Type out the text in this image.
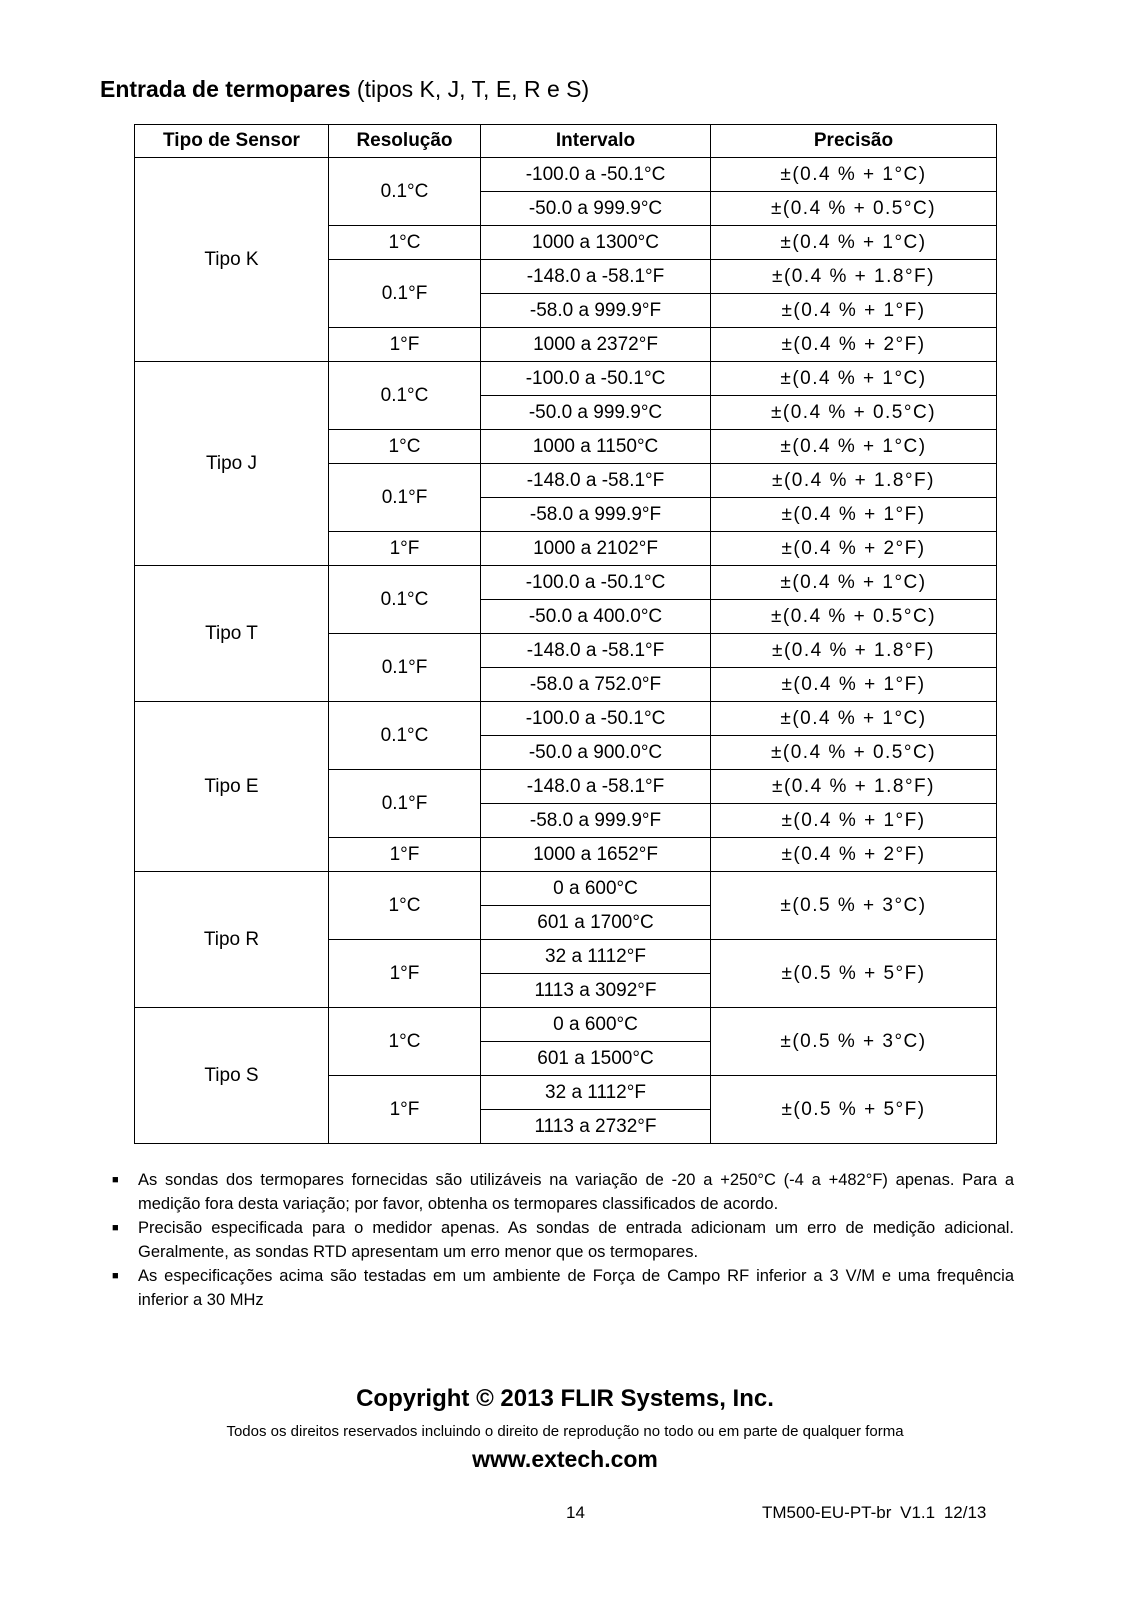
Entrada de termopares (tipos K, J, T, E, R e S)
Tipo de Sensor	Resolução	Intervalo	Precisão
Tipo K	0.1°C	-100.0 a -50.1°C	±(0.4 % + 1°C)
		-50.0 a 999.9°C	±(0.4 % + 0.5°C)
	1°C	1000 a 1300°C	±(0.4 % + 1°C)
	0.1°F	-148.0 a -58.1°F	±(0.4 % + 1.8°F)
		-58.0 a 999.9°F	±(0.4 % + 1°F)
	1°F	1000 a 2372°F	±(0.4 % + 2°F)
Tipo J	0.1°C	-100.0 a -50.1°C	±(0.4 % + 1°C)
		-50.0 a 999.9°C	±(0.4 % + 0.5°C)
	1°C	1000 a 1150°C	±(0.4 % + 1°C)
	0.1°F	-148.0 a -58.1°F	±(0.4 % + 1.8°F)
		-58.0 a 999.9°F	±(0.4 % + 1°F)
	1°F	1000 a 2102°F	±(0.4 % + 2°F)
Tipo T	0.1°C	-100.0 a -50.1°C	±(0.4 % + 1°C)
		-50.0 a 400.0°C	±(0.4 % + 0.5°C)
	0.1°F	-148.0 a -58.1°F	±(0.4 % + 1.8°F)
		-58.0 a 752.0°F	±(0.4 % + 1°F)
Tipo E	0.1°C	-100.0 a -50.1°C	±(0.4 % + 1°C)
		-50.0 a 900.0°C	±(0.4 % + 0.5°C)
	0.1°F	-148.0 a -58.1°F	±(0.4 % + 1.8°F)
		-58.0 a 999.9°F	±(0.4 % + 1°F)
	1°F	1000 a 1652°F	±(0.4 % + 2°F)
Tipo R	1°C	0 a 600°C	±(0.5 % + 3°C)
		601 a 1700°C	
	1°F	32 a 1112°F	±(0.5 % + 5°F)
		1113 a 3092°F	
Tipo S	1°C	0 a 600°C	±(0.5 % + 3°C)
		601 a 1500°C	
	1°F	32 a 1112°F	±(0.5 % + 5°F)
		1113 a 2732°F	
■ As sondas dos termopares fornecidas são utilizáveis na variação de -20 a +250°C (-4 a +482°F) apenas. Para a medição fora desta variação; por favor, obtenha os termopares classificados de acordo.
■ Precisão especificada para o medidor apenas. As sondas de entrada adicionam um erro de medição adicional. Geralmente, as sondas RTD apresentam um erro menor que os termopares.
■ As especificações acima são testadas em um ambiente de Força de Campo RF inferior a 3 V/M e uma frequência inferior a 30 MHz
Copyright © 2013 FLIR Systems, Inc.
Todos os direitos reservados incluindo o direito de reprodução no todo ou em parte de qualquer forma
www.extech.com
14	TM500-EU-PT-br V1.1 12/13
